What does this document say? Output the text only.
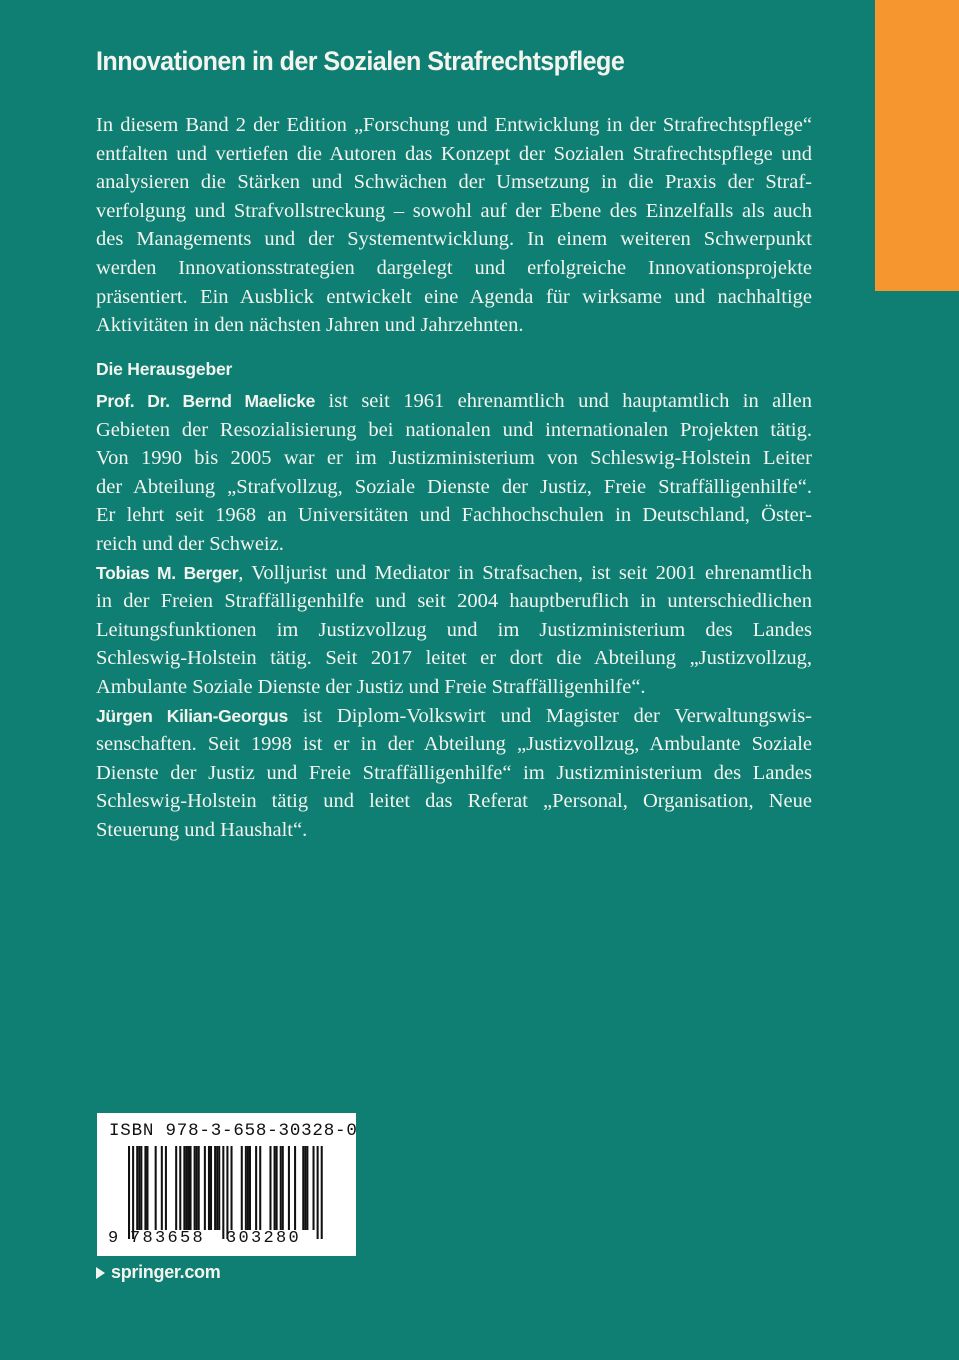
Innovationen in der Sozialen Strafrechtspflege
In diesem Band 2 der Edition „Forschung und Entwicklung in der Strafrechtspflege“
entfalten und vertiefen die Autoren das Konzept der Sozialen Strafrechtspflege und
analysieren die Stärken und Schwächen der Umsetzung in die Praxis der Straf-
verfolgung und Strafvollstreckung – sowohl auf der Ebene des Einzelfalls als auch
des Managements und der Systementwicklung. In einem weiteren Schwerpunkt
werden Innovationsstrategien dargelegt und erfolgreiche Innovationsprojekte
präsentiert. Ein Ausblick entwickelt eine Agenda für wirksame und nachhaltige
Aktivitäten in den nächsten Jahren und Jahrzehnten.
Die Herausgeber
Prof. Dr. Bernd Maelicke ist seit 1961 ehrenamtlich und hauptamtlich in allen
Gebieten der Resozialisierung bei nationalen und internationalen Projekten tätig.
Von 1990 bis 2005 war er im Justizministerium von Schleswig-Holstein Leiter
der Abteilung „Strafvollzug, Soziale Dienste der Justiz, Freie Straffälligenhilfe“.
Er lehrt seit 1968 an Universitäten und Fachhochschulen in Deutschland, Öster-
reich und der Schweiz.
Tobias M. Berger, Volljurist und Mediator in Strafsachen, ist seit 2001 ehrenamtlich
in der Freien Straffälligenhilfe und seit 2004 hauptberuflich in unterschiedlichen
Leitungsfunktionen im Justizvollzug und im Justizministerium des Landes
Schleswig-Holstein tätig. Seit 2017 leitet er dort die Abteilung „Justizvollzug,
Ambulante Soziale Dienste der Justiz und Freie Straffälligenhilfe“.
Jürgen Kilian-Georgus ist Diplom-Volkswirt und Magister der Verwaltungswis-
senschaften. Seit 1998 ist er in der Abteilung „Justizvollzug, Ambulante Soziale
Dienste der Justiz und Freie Straffälligenhilfe“ im Justizministerium des Landes
Schleswig-Holstein tätig und leitet das Referat „Personal, Organisation, Neue
Steuerung und Haushalt“.
ISBN 978-3-658-30328-0
9 783658 303280
springer.com
